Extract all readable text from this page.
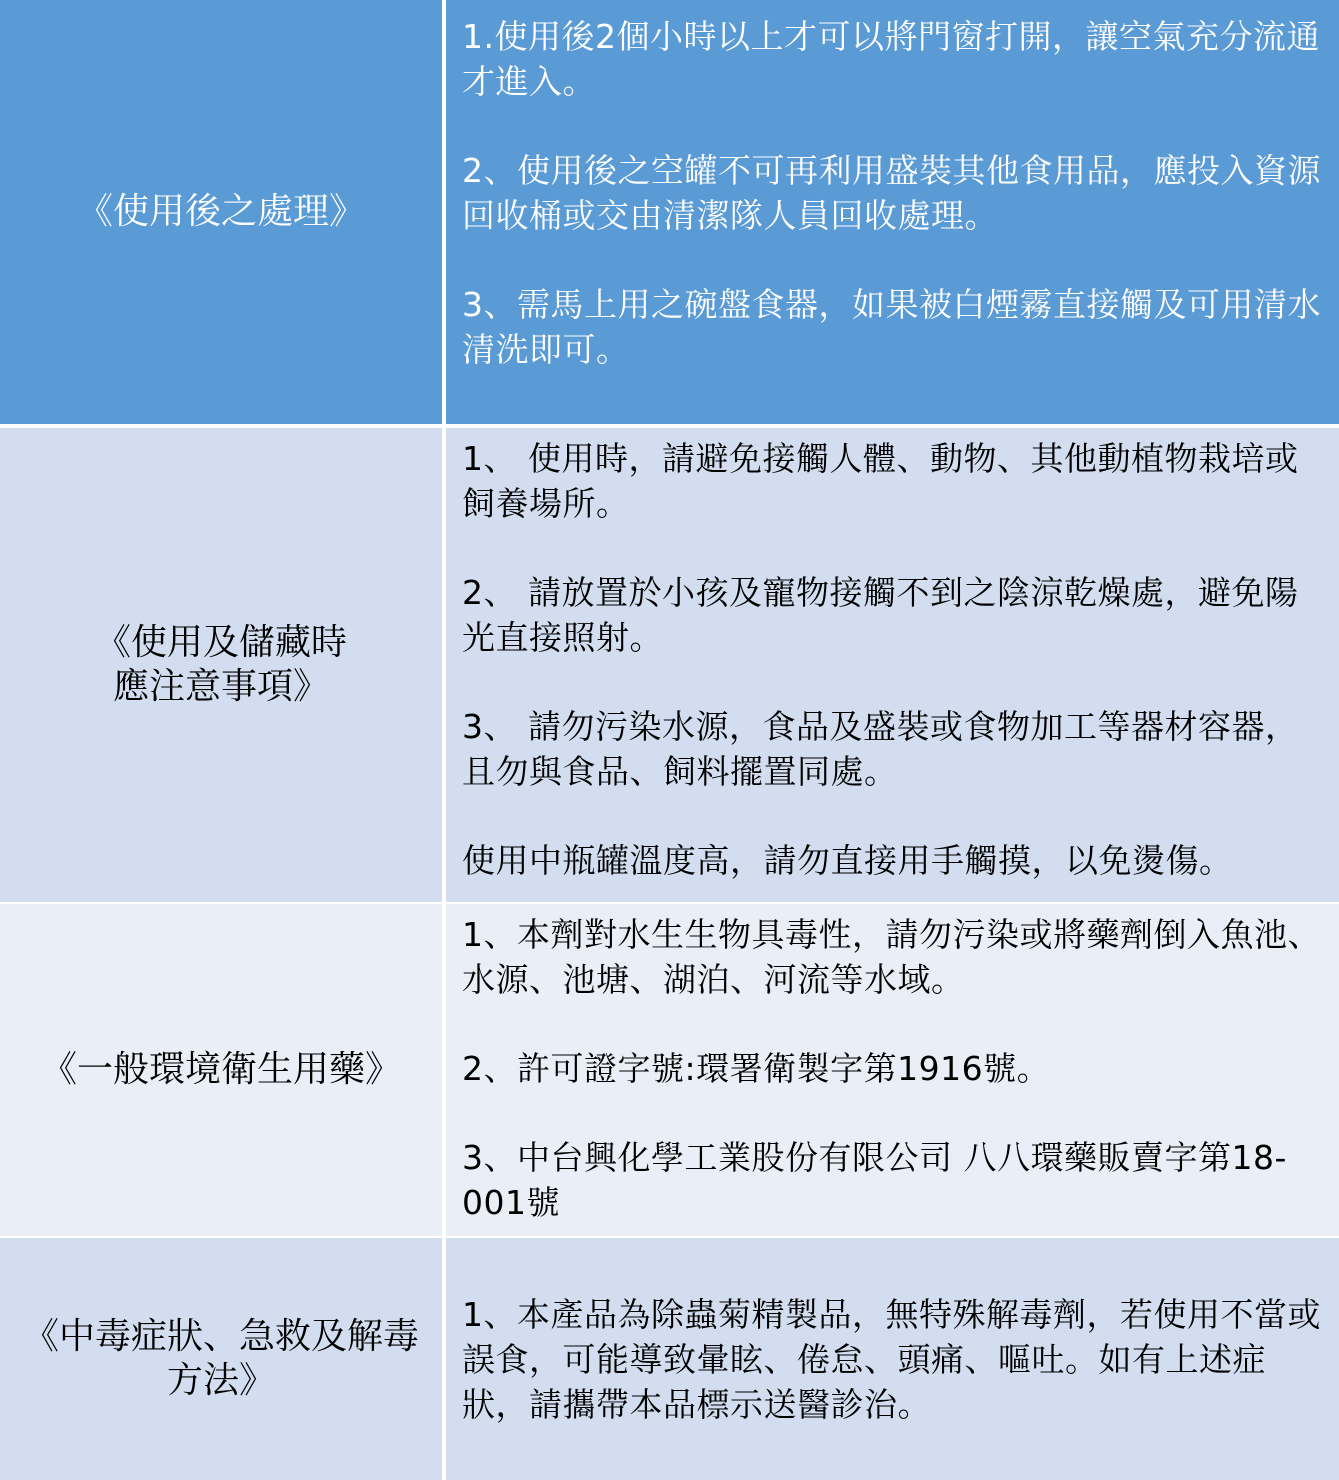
《使用後之處理》

1.使用後2個小時以上才可以將門窗打開，讓空氣充分流通才進入。

2、使用後之空罐不可再利用盛裝其他食用品，應投入資源回收桶或交由清潔隊人員回收處理。

3、需馬上用之碗盤食器，如果被白煙霧直接觸及可用清水清洗即可。

《使用及儲藏時應注意事項》

1、 使用時，請避免接觸人體、動物、其他動植物栽培或飼養場所。

2、 請放置於小孩及寵物接觸不到之陰涼乾燥處，避免陽光直接照射。

3、 請勿污染水源，食品及盛裝或食物加工等器材容器，且勿與食品、飼料擺置同處。

使用中瓶罐溫度高，請勿直接用手觸摸，以免燙傷。

《一般環境衛生用藥》

1、本劑對水生生物具毒性，請勿污染或將藥劑倒入魚池、水源、池塘、湖泊、河流等水域。

2、許可證字號:環署衛製字第1916號。

3、中台興化學工業股份有限公司 八八環藥販賣字第18-001號

《中毒症狀、急救及解毒方法》

1、本產品為除蟲菊精製品，無特殊解毒劑，若使用不當或誤食，可能導致暈眩、倦怠、頭痛、嘔吐。如有上述症狀，請攜帶本品標示送醫診治。
